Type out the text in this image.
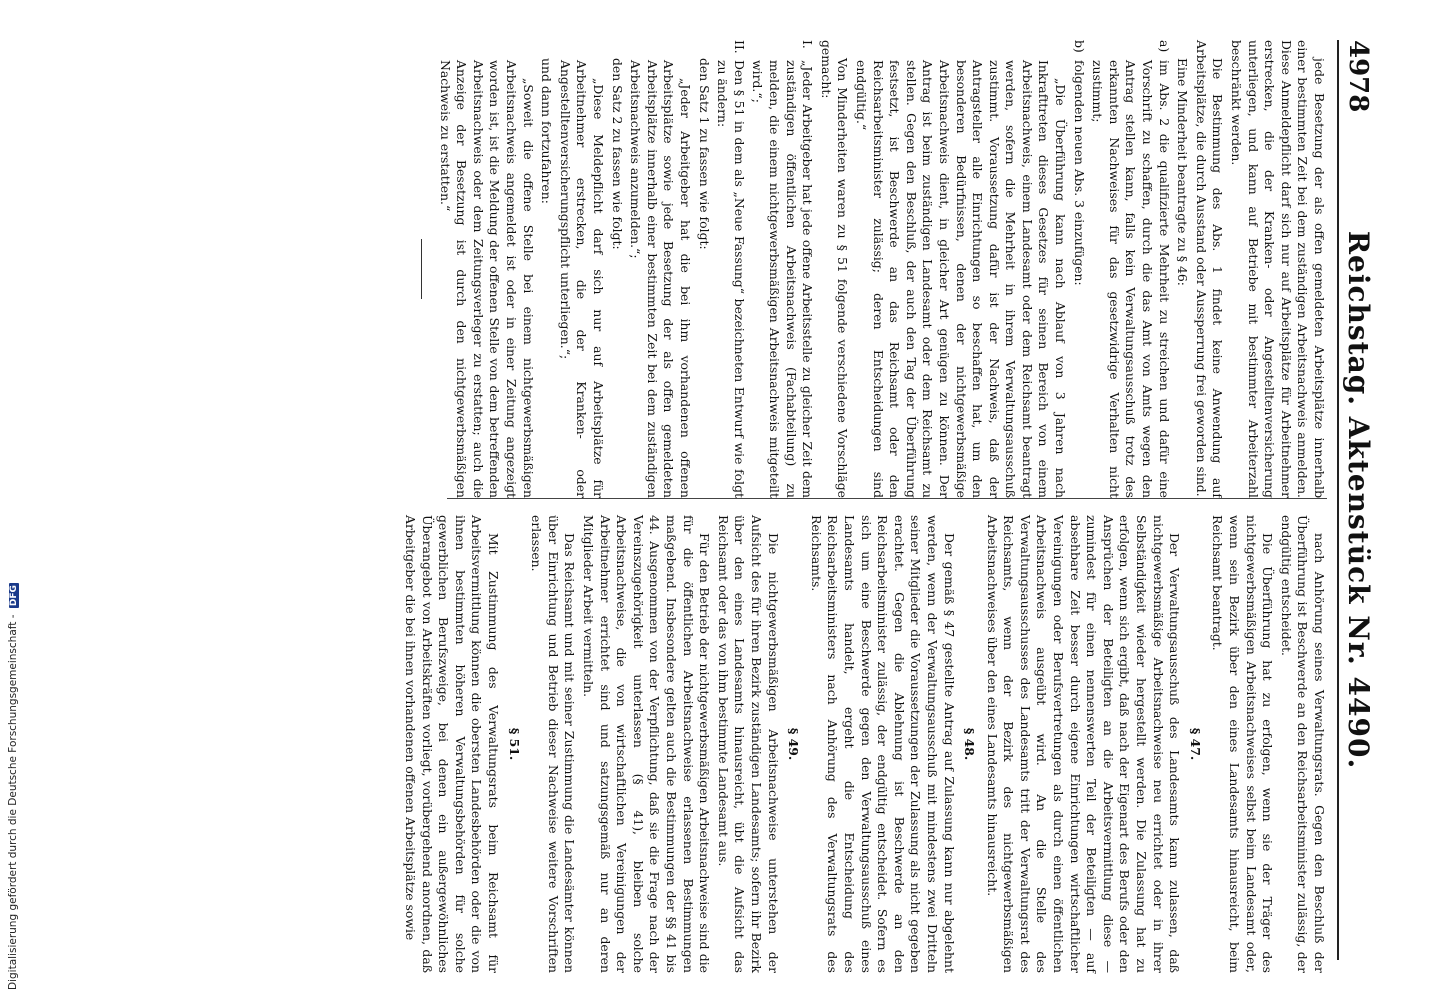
4978
Reichstag. Aktenstück Nr. 4490.

jede Besetzung der als offen gemeldeten Arbeitsplätze innerhalb einer bestimmten Zeit bei dem zuständigen Arbeitsnachweis anmelden. Diese Anmeldepflicht darf sich nur auf Arbeitsplätze für Arbeitnehmer erstrecken, die der Kranken- oder Angestelltenversicherung unterliegen, und kann auf Betriebe mit bestimmter Arbeiterzahl beschränkt werden.

Die Bestimmung des Abs. 1 findet keine Anwendung auf Arbeitsplätze, die durch Ausstand oder Aussperrung frei geworden sind.

Eine Minderheit beantragte zu § 46:

a)
im Abs. 2 die qualifizierte Mehrheit zu streichen und dafür eine Vorschrift zu schaffen, durch die das Amt von Amts wegen den Antrag stellen kann, falls kein Verwaltungsausschuß trotz des erkannten Nachweises für das gesetzwidrige Verhalten nicht zustimmt;

b)
folgenden neuen Abs. 3 einzufügen:

„Die Überführung kann nach Ablauf von 3 Jahren nach Inkrafttreten dieses Gesetzes für seinen Bereich von einem Arbeitsnachweis, einem Landesamt oder dem Reichsamt beantragt werden, sofern die Mehrheit in ihrem Verwaltungsausschuß zustimmt. Voraussetzung dafür ist der Nachweis, daß der Antragsteller alle Einrichtungen so beschaffen hat, um den besonderen Bedürfnissen, denen der nichtgewerbsmäßige Arbeitsnachweis dient, in gleicher Art genügen zu können. Der Antrag ist beim zuständigen Landesamt oder dem Reichsamt zu stellen. Gegen den Beschluß, der auch den Tag der Überführung festsetzt, ist Beschwerde an das Reichsamt oder den Reichsarbeitsminister zulässig; deren Entscheidungen sind endgültig.“

Von Minderheiten waren zu § 51 folgende verschiedene Vorschläge gemacht:

I.
„Jeder Arbeitgeber hat jede offene Arbeitsstelle zu gleicher Zeit dem zuständigen öffentlichen Arbeitsnachweis (Fachabteilung) zu melden, die einem nichtgewerbsmäßigen Arbeitsnachweis mitgeteilt wird.“;

II.
Den § 51 in dem als „Neue Fassung“ bezeichneten Entwurf wie folgt zu ändern:

den Satz 1 zu fassen wie folgt:

„Jeder Arbeitgeber hat die bei ihm vorhandenen offenen Arbeitsplätze sowie jede Besetzung der als offen gemeldeten Arbeitsplätze innerhalb einer bestimmten Zeit bei dem zuständigen Arbeitsnachweis anzumelden.“;

den Satz 2 zu fassen wie folgt:

„Diese Meldepflicht darf sich nur auf Arbeitsplätze für Arbeitnehmer erstrecken, die der Kranken- oder Angestelltenversicherungspflicht unterliegen.“;

und dann fortzufahren:

„Soweit die offene Stelle bei einem nichtgewerbsmäßigen Arbeitsnachweis angemeldet ist oder in einer Zeitung angezeigt worden ist, ist die Meldung der offenen Stelle von dem betreffenden Arbeitsnachweis oder dem Zeitungsverleger zu erstatten; auch die Anzeige der Besetzung ist durch den nichtgewerbsmäßigen Nachweis zu erstatten.“

nach Anhörung seines Verwaltungsrats. Gegen den Beschluß der Überführung ist Beschwerde an den Reichsarbeitsminister zulässig, der endgültig entscheidet.

Die Überführung hat zu erfolgen, wenn sie der Träger des nichtgewerbsmäßigen Arbeitsnachweises selbst beim Landesamt oder, wenn sein Bezirk über den eines Landesamts hinausreicht, beim Reichsamt beantragt.

§ 47.

Der Verwaltungsausschuß des Landesamts kann zulassen, daß nichtgewerbsmäßige Arbeitsnachweise neu errichtet oder in ihrer Selbständigkeit wieder hergestellt werden. Die Zulassung hat zu erfolgen, wenn sich ergibt, daß nach der Eigenart des Berufs oder den Ansprüchen der Beteiligten an die Arbeitsvermittlung diese — zumindest für einen nennenswerten Teil der Beteiligten — auf absehbare Zeit besser durch eigene Einrichtungen wirtschaftlicher Vereinigungen oder Berufsvertretungen als durch einen öffentlichen Arbeitsnachweis ausgeübt wird. An die Stelle des Verwaltungsausschusses des Landesamts tritt der Verwaltungsrat des Reichsamts, wenn der Bezirk des nichtgewerbsmäßigen Arbeitsnachweises über den eines Landesamts hinausreicht.

§ 48.

Der gemäß § 47 gestellte Antrag auf Zulassung kann nur abgelehnt werden, wenn der Verwaltungsausschuß mit mindestens zwei Dritteln seiner Mitglieder die Voraussetzungen der Zulassung als nicht gegeben erachtet. Gegen die Ablehnung ist Beschwerde an den Reichsarbeitsminister zulässig, der endgültig entscheidet. Sofern es sich um eine Beschwerde gegen den Verwaltungsausschuß eines Landesamts handelt, ergeht die Entscheidung des Reichsarbeitsministers nach Anhörung des Verwaltungsrats des Reichsamts.

§ 49.

Die nichtgewerbsmäßigen Arbeitsnachweise unterstehen der Aufsicht des für ihren Bezirk zuständigen Landesamts; sofern ihr Bezirk über den eines Landesamts hinausreicht, übt die Aufsicht das Reichsamt oder das von ihm bestimmte Landesamt aus.

Für den Betrieb der nichtgewerbsmäßigen Arbeitsnachweise sind die für die öffentlichen Arbeitsnachweise erlassenen Bestimmungen maßgebend. Insbesondere gelten auch die Bestimmungen der §§ 41 bis 44. Ausgenommen von der Verpflichtung, daß sie die Frage nach der Vereinszugehörigkeit unterlassen (§ 41), bleiben solche Arbeitsnachweise, die von wirtschaftlichen Vereinigungen der Arbeitnehmer errichtet sind und satzungsgemäß nur an deren Mitglieder Arbeit vermitteln.

Das Reichsamt und mit seiner Zustimmung die Landesämter können über Einrichtung und Betrieb dieser Nachweise weitere Vorschriften erlassen.

§ 51.

Mit Zustimmung des Verwaltungsrats beim Reichsamt für Arbeitsvermittlung können die obersten Landesbehörden oder die von ihnen bestimmten höheren Verwaltungsbehörden für solche gewerblichen Berufszweige, bei denen ein außergewöhnliches Überangebot von Arbeitskräften vorliegt, vorübergehend anordnen, daß Arbeitgeber die bei ihnen vorhandenen offenen Arbeitsplätze sowie

Digitalisierung gefördert durch die Deutsche Forschungsgemeinschaft - DFG
